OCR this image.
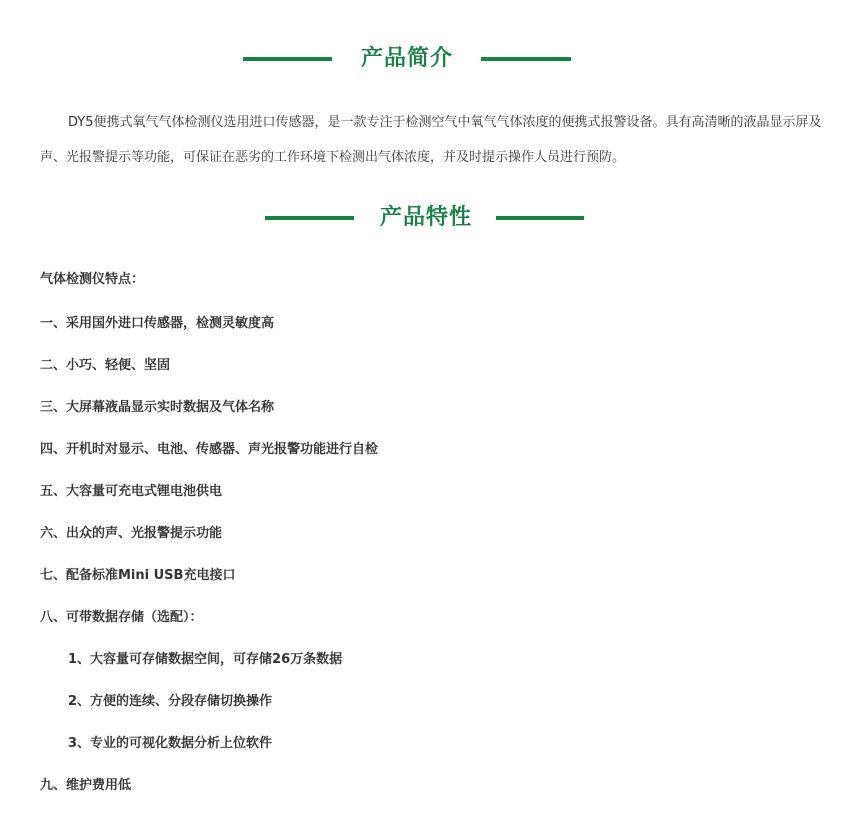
产品简介

DY5便携式氧气气体检测仪选用进口传感器，是一款专注于检测空气中氧气气体浓度的便携式报警设备。具有高清晰的液晶显示屏及声、光报警提示等功能，可保证在恶劣的工作环境下检测出气体浓度，并及时提示操作人员进行预防。

产品特性
气体检测仪特点：
一、采用国外进口传感器，检测灵敏度高
二、小巧、轻便、坚固
三、大屏幕液晶显示实时数据及气体名称
四、开机时对显示、电池、传感器、声光报警功能进行自检
五、大容量可充电式锂电池供电
六、出众的声、光报警提示功能
七、配备标准Mini USB充电接口
八、可带数据存储（选配）：
1、大容量可存储数据空间，可存储26万条数据
2、方便的连续、分段存储切换操作
3、专业的可视化数据分析上位软件
九、维护费用低
